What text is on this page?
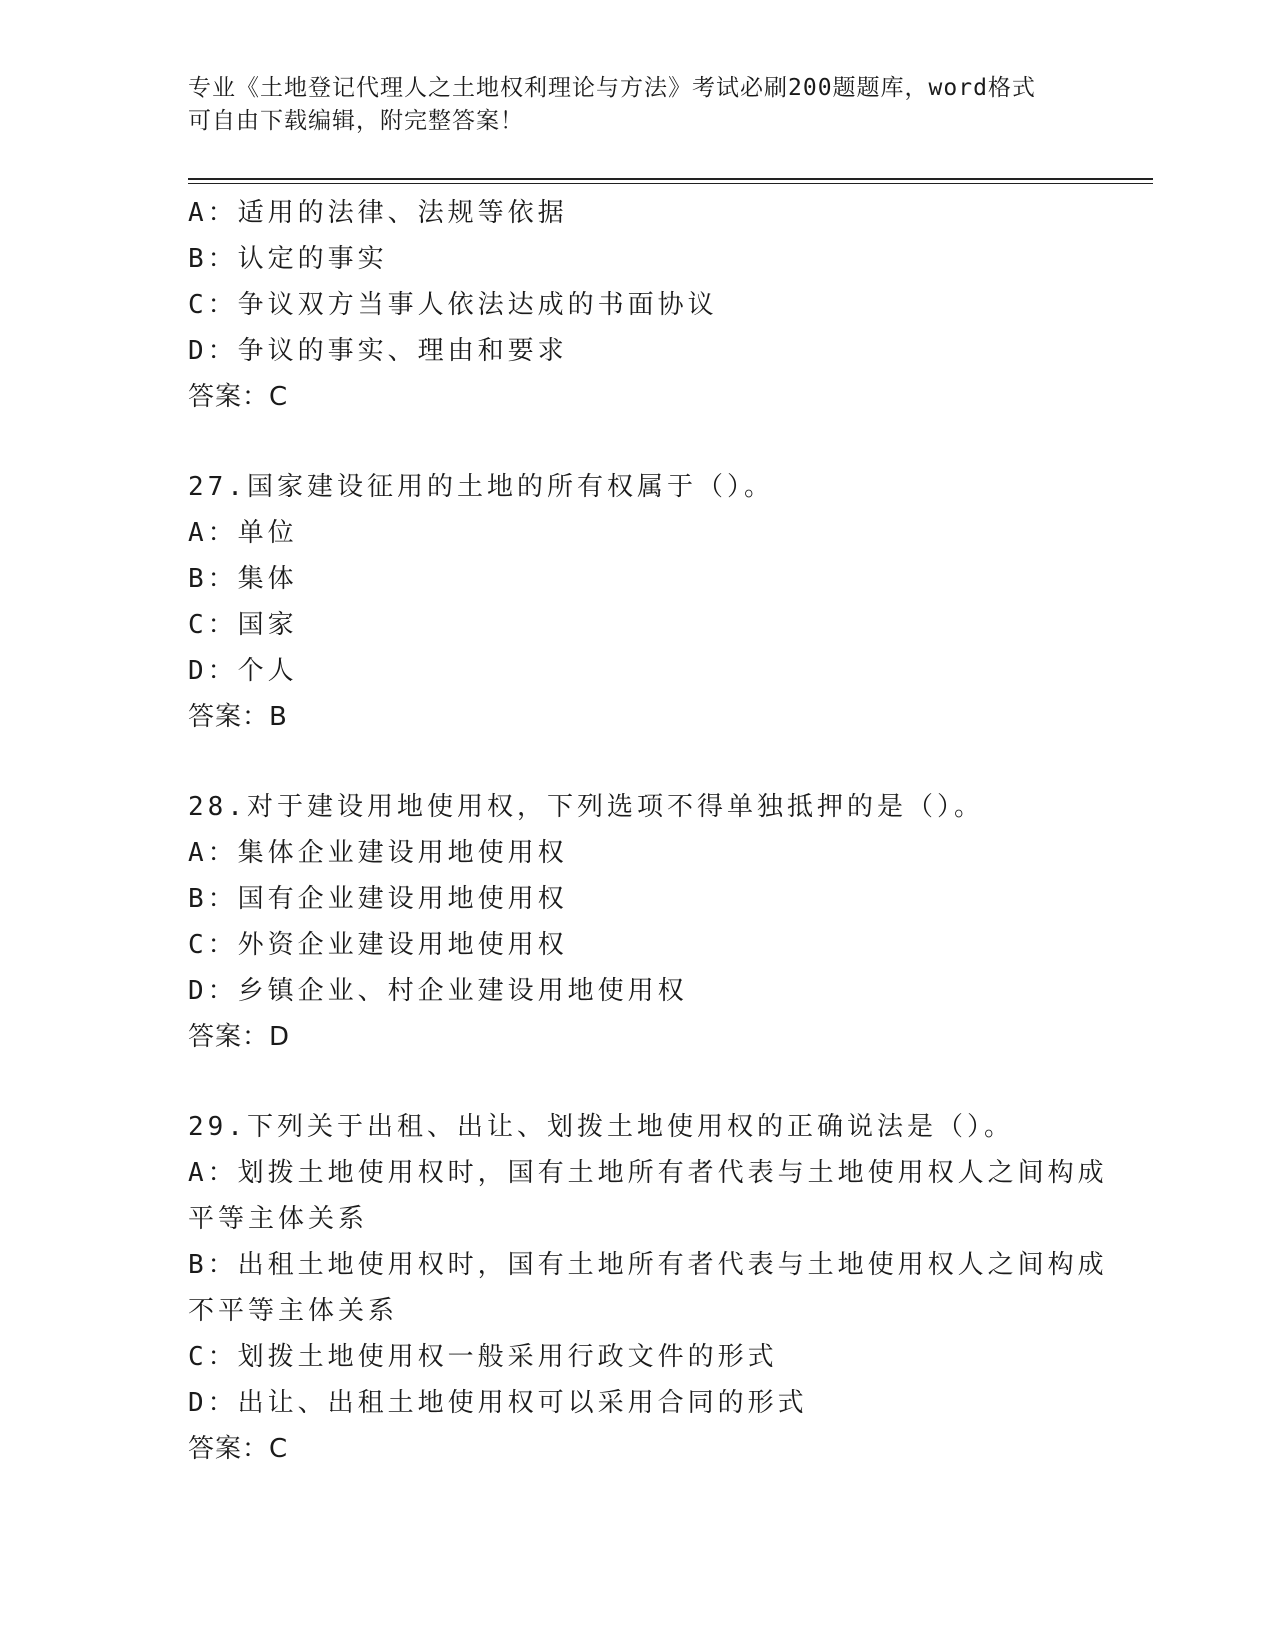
专业《土地登记代理人之土地权利理论与方法》考试必刷200题题库，word格式

可自由下载编辑，附完整答案！

A：适用的法律、法规等依据
B：认定的事实
C：争议双方当事人依法达成的书面协议
D：争议的事实、理由和要求
答案：C
27.国家建设征用的土地的所有权属于（）。
A：单位
B：集体
C：国家
D：个人
答案：B
28.对于建设用地使用权，下列选项不得单独抵押的是（）。
A：集体企业建设用地使用权
B：国有企业建设用地使用权
C：外资企业建设用地使用权
D：乡镇企业、村企业建设用地使用权
答案：D
29.下列关于出租、出让、划拨土地使用权的正确说法是（）。
A：划拨土地使用权时，国有土地所有者代表与土地使用权人之间构成
平等主体关系
B：出租土地使用权时，国有土地所有者代表与土地使用权人之间构成
不平等主体关系
C：划拨土地使用权一般采用行政文件的形式
D：出让、出租土地使用权可以采用合同的形式
答案：C
